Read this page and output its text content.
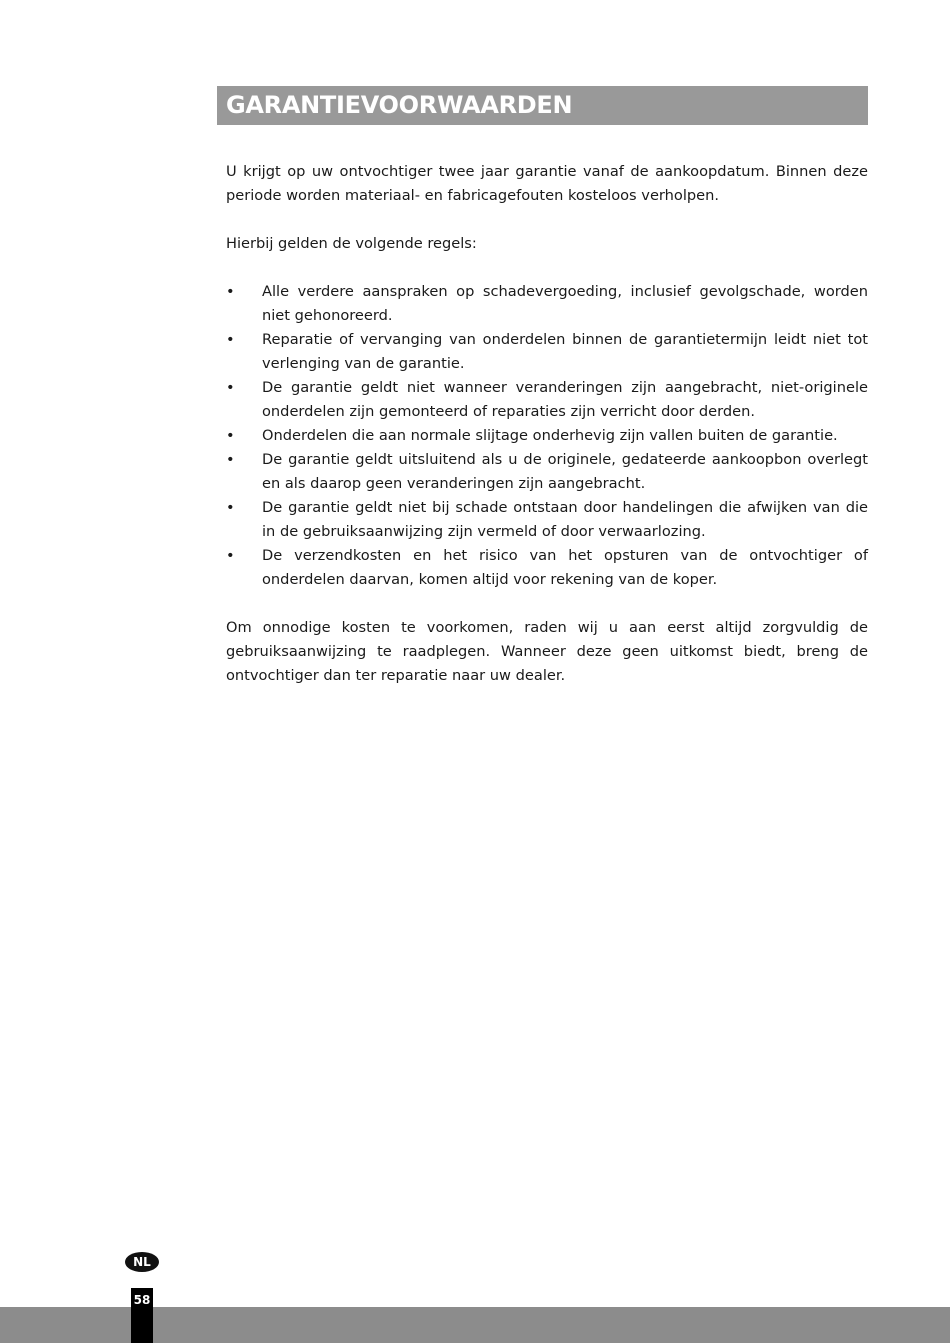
GARANTIEVOORWAARDEN

U krijgt op uw ontvochtiger twee jaar garantie vanaf de aankoopdatum. Binnen deze periode worden materiaal- en fabricagefouten kosteloos verholpen.

Hierbij gelden de volgende regels:

• Alle verdere aanspraken op schadevergoeding, inclusief gevolgschade, worden niet gehonoreerd.
• Reparatie of vervanging van onderdelen binnen de garantietermijn leidt niet tot verlenging van de garantie.
• De garantie geldt niet wanneer veranderingen zijn aangebracht, niet-originele onderdelen zijn gemonteerd of reparaties zijn verricht door derden.
• Onderdelen die aan normale slijtage onderhevig zijn vallen buiten de garantie.
• De garantie geldt uitsluitend als u de originele, gedateerde aankoopbon overlegt en als daarop geen veranderingen zijn aangebracht.
• De garantie geldt niet bij schade ontstaan door handelingen die afwijken van die in de gebruiksaanwijzing zijn vermeld of door verwaarlozing.
• De verzendkosten en het risico van het opsturen van de ontvochtiger of onderdelen daarvan, komen altijd voor rekening van de koper.

Om onnodige kosten te voorkomen, raden wij u aan eerst altijd zorgvuldig de gebruiksaanwijzing te raadplegen. Wanneer deze geen uitkomst biedt, breng de ontvochtiger dan ter reparatie naar uw dealer.

NL
58
